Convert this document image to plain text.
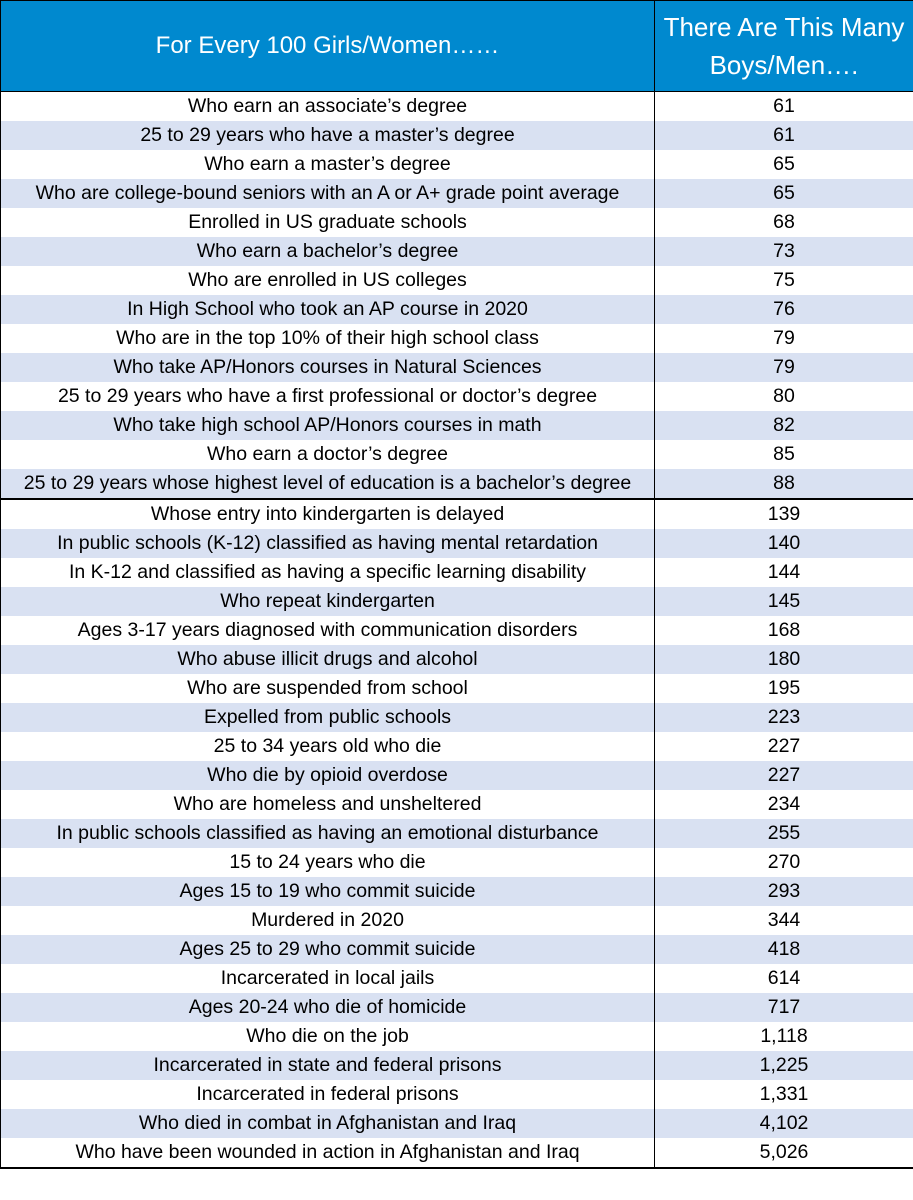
For Every 100 Girls/Women……	There Are This Many Boys/Men….
Who earn an associate’s degree	61
25 to 29 years who have a master’s degree	61
Who earn a master’s degree	65
Who are college-bound seniors with an A or A+ grade point average	65
Enrolled in US graduate schools	68
Who earn a bachelor’s degree	73
Who are enrolled in US colleges	75
In High School who took an AP course in 2020	76
Who are in the top 10% of their high school class	79
Who take AP/Honors courses in Natural Sciences	79
25 to 29 years who have a first professional or doctor’s degree	80
Who take high school AP/Honors courses in math	82
Who earn a doctor’s degree	85
25 to 29 years whose highest level of education is a bachelor’s degree	88
Whose entry into kindergarten is delayed	139
In public schools (K-12) classified as having mental retardation	140
In K-12 and classified as having a specific learning disability	144
Who repeat kindergarten	145
Ages 3-17 years diagnosed with communication disorders	168
Who abuse illicit drugs and alcohol	180
Who are suspended from school	195
Expelled from public schools	223
25 to 34 years old who die	227
Who die by opioid overdose	227
Who are homeless and unsheltered	234
In public schools classified as having an emotional disturbance	255
15 to 24 years who die	270
Ages 15 to 19 who commit suicide	293
Murdered in 2020	344
Ages 25 to 29 who commit suicide	418
Incarcerated in local jails	614
Ages 20-24 who die of homicide	717
Who die on the job	1,118
Incarcerated in state and federal prisons	1,225
Incarcerated in federal prisons	1,331
Who died in combat in Afghanistan and Iraq	4,102
Who have been wounded in action in Afghanistan and Iraq	5,026
